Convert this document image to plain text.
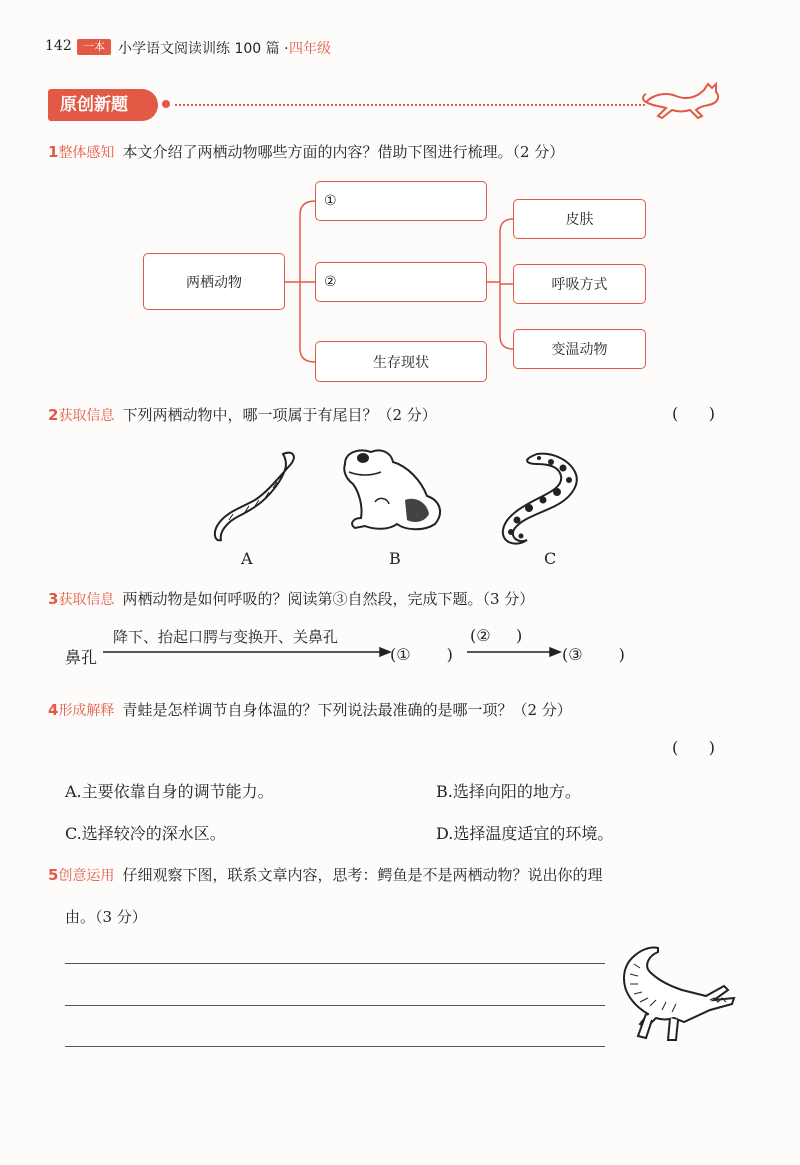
142	一本 小学语文阅读训练 100 篇 · 四年级
原创新题
1整体感知 本文介绍了两栖动物哪些方面的内容？借助下图进行梳理。（2 分）
两栖动物
①
②
生存现状
皮肤
呼吸方式
变温动物
2获取信息 下列两栖动物中，哪一项属于有尾目？（2 分）	(      )
A	B	C
3获取信息 两栖动物是如何呼吸的？阅读第③自然段，完成下题。（3 分）
鼻孔
降下、抬起口腭与变换开、关鼻孔
(① )
(②     )
(③ )
4形成解释 青蛙是怎样调节自身体温的？下列说法最准确的是哪一项？（2 分）
(      )
A.主要依靠自身的调节能力。	B.选择向阳的地方。
C.选择较冷的深水区。	D.选择温度适宜的环境。
5创意运用 仔细观察下图，联系文章内容，思考：鳄鱼是不是两栖动物？说出你的理
由。（3 分）
